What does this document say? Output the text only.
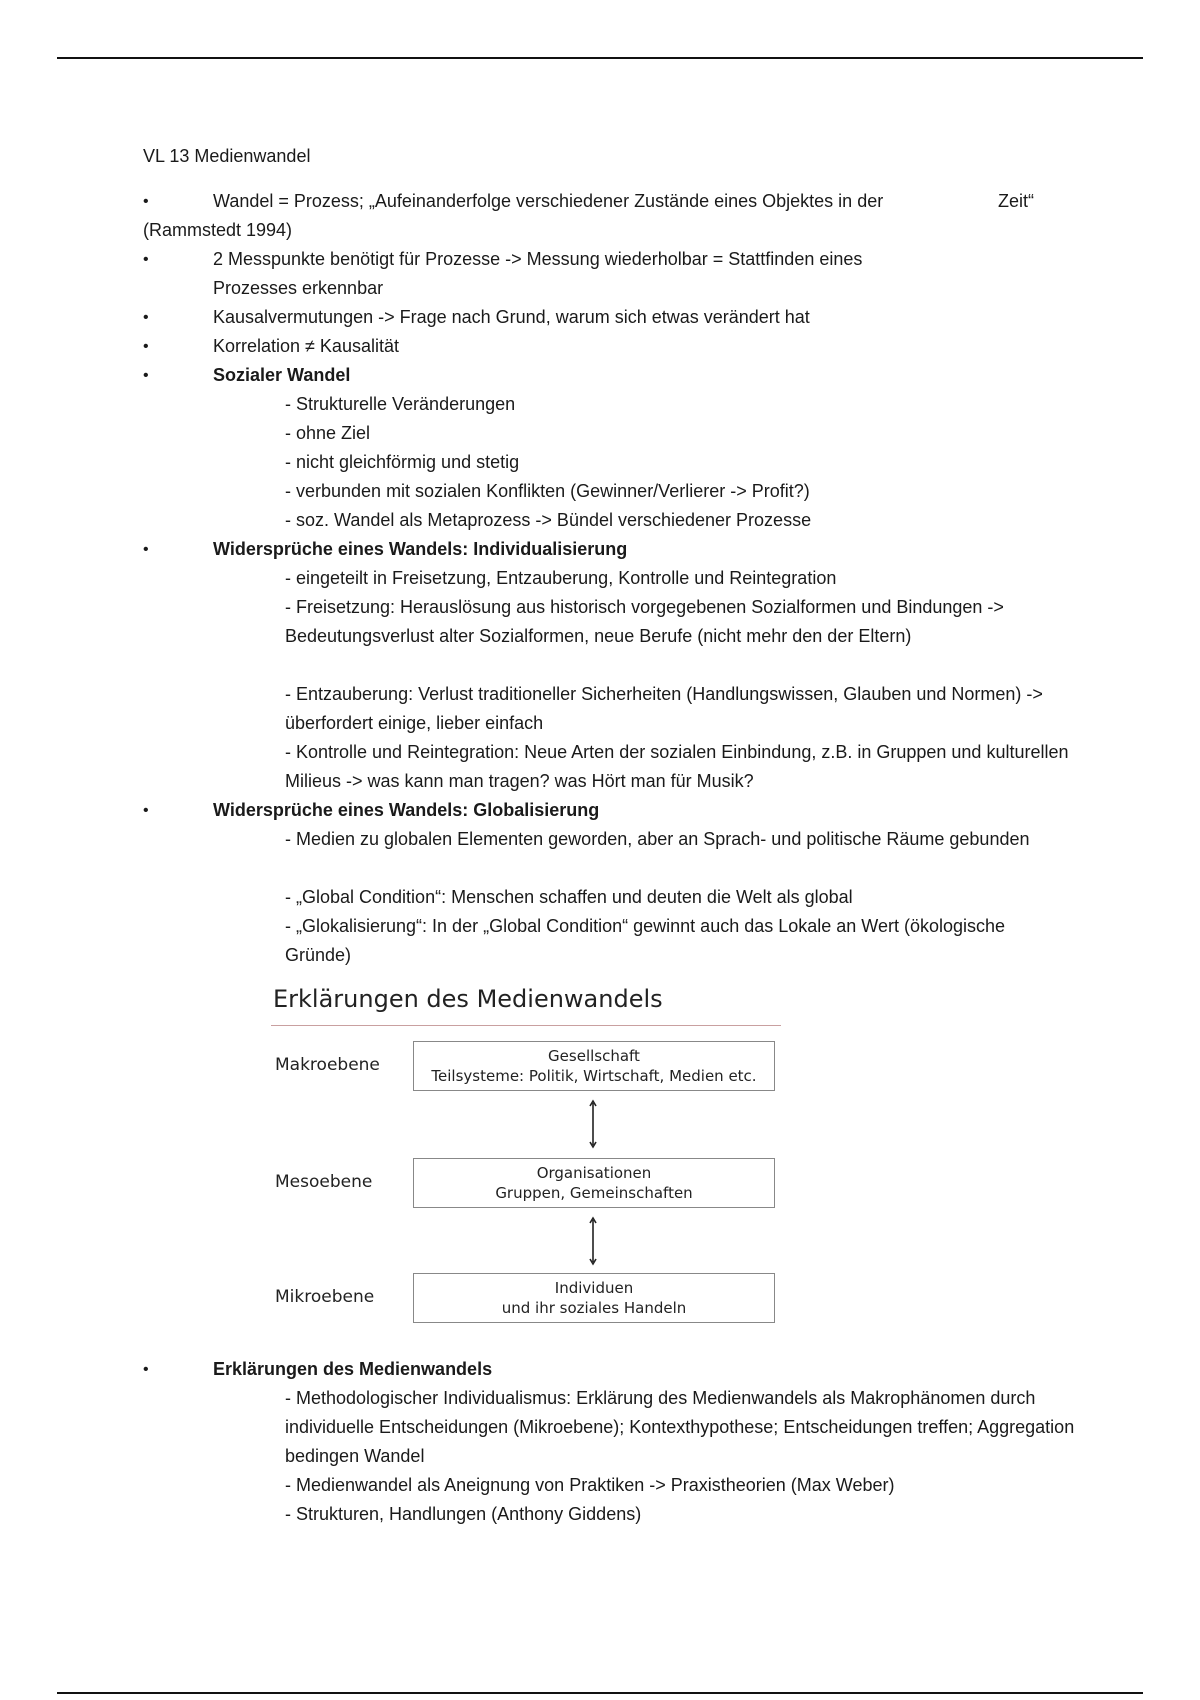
VL 13 Medienwandel
•	Wandel = Prozess; „Aufeinanderfolge verschiedener Zustände eines Objektes in der	Zeit“
(Rammstedt 1994)
•	2 Messpunkte benötigt für Prozesse -> Messung wiederholbar = Stattfinden eines
Prozesses erkennbar
•	Kausalvermutungen -> Frage nach Grund, warum sich etwas verändert hat
•	Korrelation ≠ Kausalität
•	Sozialer Wandel
- Strukturelle Veränderungen
- ohne Ziel
- nicht gleichförmig und stetig
- verbunden mit sozialen Konflikten (Gewinner/Verlierer -> Profit?)
- soz. Wandel als Metaprozess -> Bündel verschiedener Prozesse
•	Widersprüche eines Wandels: Individualisierung
- eingeteilt in Freisetzung, Entzauberung, Kontrolle und Reintegration
- Freisetzung: Herauslösung aus historisch vorgegebenen Sozialformen und Bindungen -> Bedeutungsverlust alter Sozialformen, neue Berufe (nicht mehr den der Eltern)
- Entzauberung: Verlust traditioneller Sicherheiten (Handlungswissen, Glauben und Normen) -> überfordert einige, lieber einfach
- Kontrolle und Reintegration: Neue Arten der sozialen Einbindung, z.B. in Gruppen und kulturellen Milieus -> was kann man tragen? was Hört man für Musik?
•	Widersprüche eines Wandels: Globalisierung
- Medien zu globalen Elementen geworden, aber an Sprach- und politische Räume gebunden
- „Global Condition“: Menschen schaffen und deuten die Welt als global
- „Glokalisierung“: In der „Global Condition“ gewinnt auch das Lokale an Wert (ökologische Gründe)
•	Erklärungen des Medienwandels
- Methodologischer Individualismus: Erklärung des Medienwandels als Makrophänomen durch individuelle Entscheidungen (Mikroebene); Kontexthypothese; Entscheidungen treffen; Aggregation bedingen Wandel
- Medienwandel als Aneignung von Praktiken -> Praxistheorien (Max Weber)
- Strukturen, Handlungen (Anthony Giddens)
Erklärungen des Medienwandels
Makroebene	Gesellschaft
Teilsysteme: Politik, Wirtschaft, Medien etc.
Mesoebene	Organisationen
Gruppen, Gemeinschaften
Mikroebene	Individuen
und ihr soziales Handeln
